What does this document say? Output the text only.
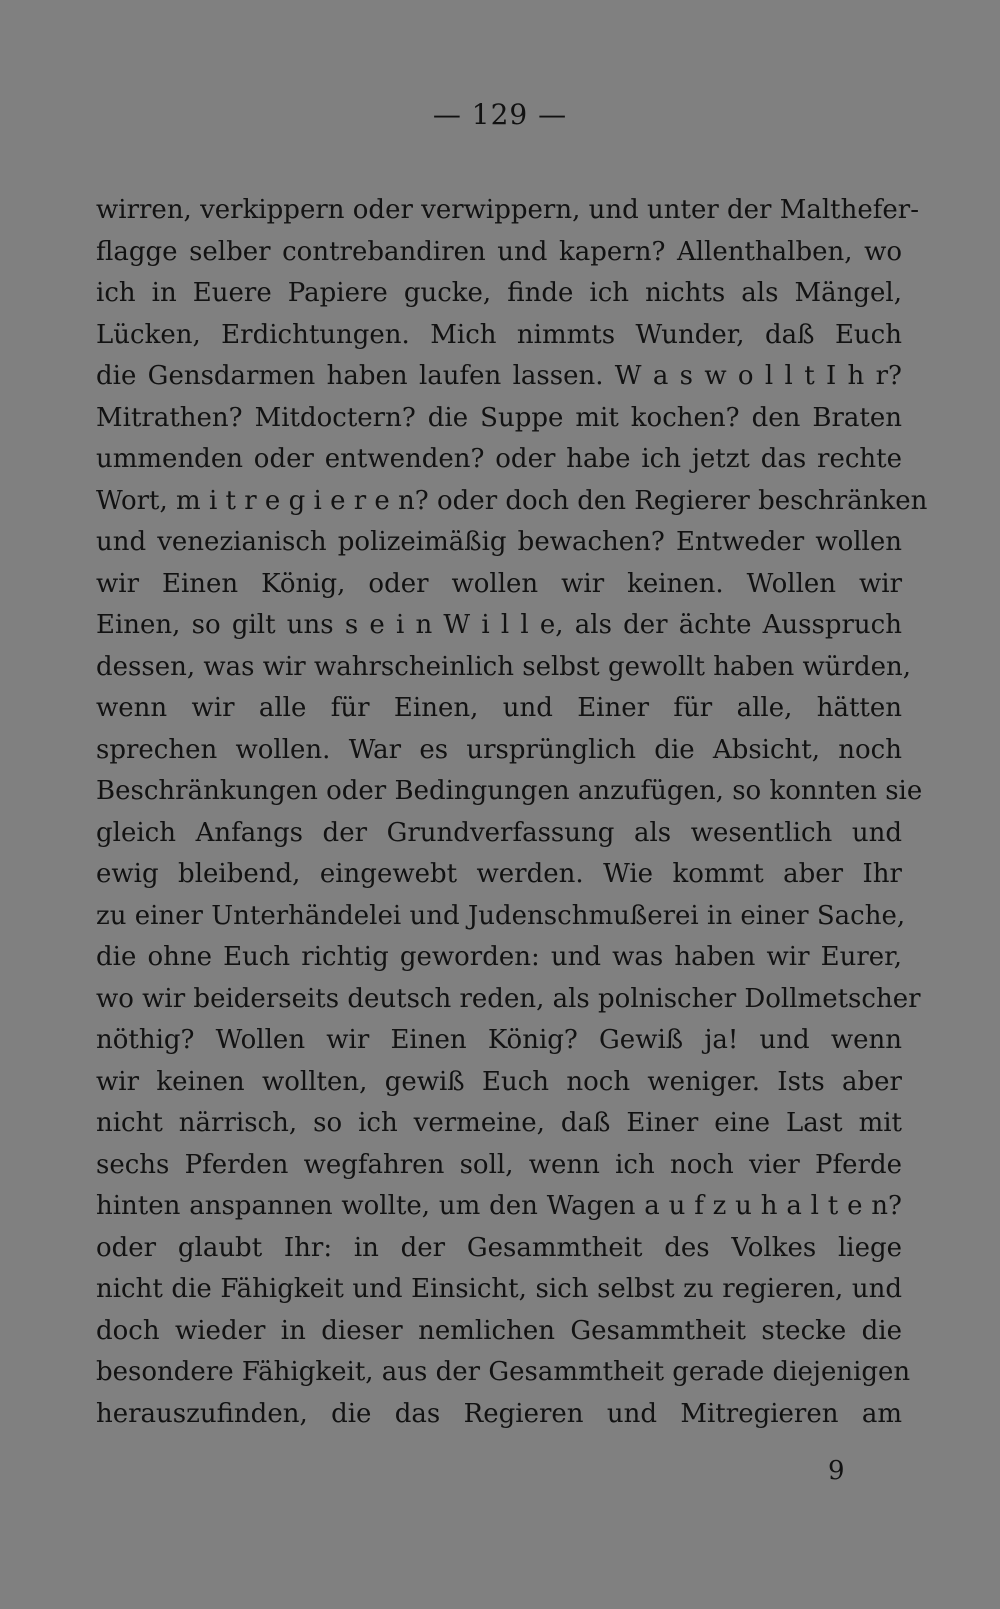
— 129 —
wirren, verkippern oder verwippern, und unter der Malthefer-
flagge selber contrebandiren und kapern? Allenthalben, wo
ich in Euere Papiere gucke, finde ich nichts als Mängel,
Lücken, Erdichtungen. Mich nimmts Wunder, daß Euch
die Gensdarmen haben laufen lassen. W a s w o l l t I h r?
Mitrathen? Mitdoctern? die Suppe mit kochen? den Braten
ummenden oder entwenden? oder habe ich jetzt das rechte
Wort, m i t r e g i e r e n? oder doch den Regierer beschränken
und venezianisch polizeimäßig bewachen? Entweder wollen
wir Einen König, oder wollen wir keinen. Wollen wir
Einen, so gilt uns s e i n W i l l e, als der ächte Ausspruch
dessen, was wir wahrscheinlich selbst gewollt haben würden,
wenn wir alle für Einen, und Einer für alle, hätten
sprechen wollen. War es ursprünglich die Absicht, noch
Beschränkungen oder Bedingungen anzufügen, so konnten sie
gleich Anfangs der Grundverfassung als wesentlich und
ewig bleibend, eingewebt werden. Wie kommt aber Ihr
zu einer Unterhändelei und Judenschmußerei in einer Sache,
die ohne Euch richtig geworden: und was haben wir Eurer,
wo wir beiderseits deutsch reden, als polnischer Dollmetscher
nöthig? Wollen wir Einen König? Gewiß ja! und wenn
wir keinen wollten, gewiß Euch noch weniger. Ists aber
nicht närrisch, so ich vermeine, daß Einer eine Last mit
sechs Pferden wegfahren soll, wenn ich noch vier Pferde
hinten anspannen wollte, um den Wagen a u f z u h a l t e n?
oder glaubt Ihr: in der Gesammtheit des Volkes liege
nicht die Fähigkeit und Einsicht, sich selbst zu regieren, und
doch wieder in dieser nemlichen Gesammtheit stecke die
besondere Fähigkeit, aus der Gesammtheit gerade diejenigen
herauszufinden, die das Regieren und Mitregieren am
9
